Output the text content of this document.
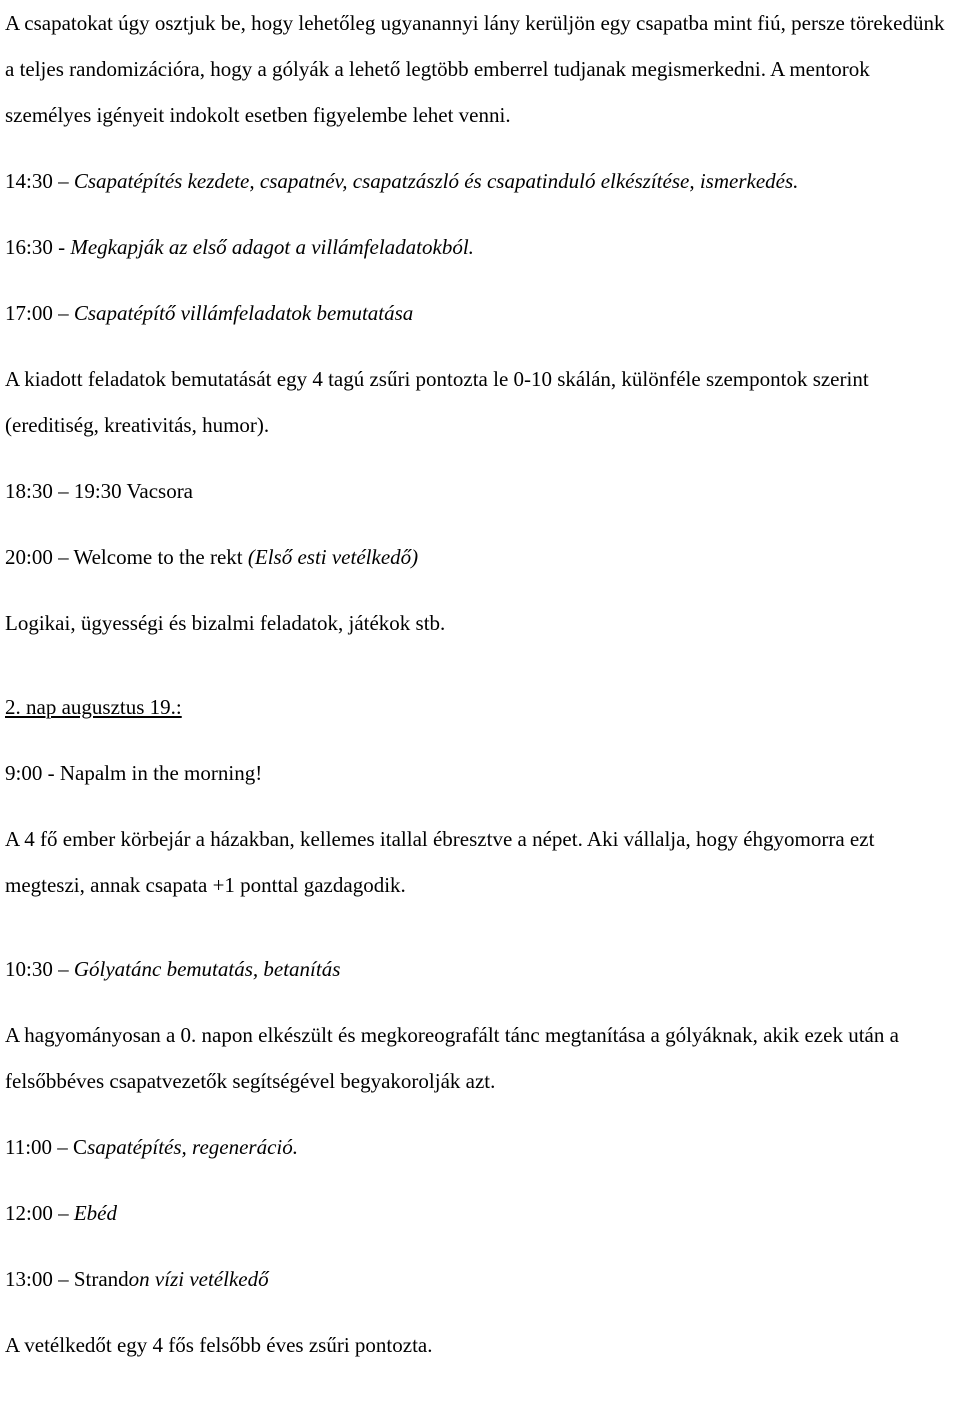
A csapatokat úgy osztjuk be, hogy lehetőleg ugyanannyi lány kerüljön egy csapatba mint fiú, persze törekedünk a teljes randomizációra, hogy a gólyák a lehető legtöbb emberrel tudjanak megismerkedni. A mentorok személyes igényeit indokolt esetben figyelembe lehet venni.

14:30 – Csapatépítés kezdete, csapatnév, csapatzászló és csapatinduló elkészítése, ismerkedés.

16:30 - Megkapják az első adagot a villámfeladatokból.

17:00 – Csapatépítő villámfeladatok bemutatása

A kiadott feladatok bemutatását egy 4 tagú zsűri pontozta le 0-10 skálán, különféle szempontok szerint (ereditiség, kreativitás, humor).

18:30 – 19:30 Vacsora

20:00 – Welcome to the rekt (Első esti vetélkedő)

Logikai, ügyességi és bizalmi feladatok, játékok stb.

2. nap augusztus 19.:

9:00 - Napalm in the morning!

A 4 fő ember körbejár a házakban, kellemes itallal ébresztve a népet. Aki vállalja, hogy éhgyomorra ezt megteszi, annak csapata +1 ponttal gazdagodik.

10:30 – Gólyatánc bemutatás, betanítás

A hagyományosan a 0. napon elkészült és megkoreografált tánc megtanítása a gólyáknak, akik ezek után a felsőbbéves csapatvezetők segítségével begyakorolják azt.

11:00 – Csapatépítés, regeneráció.

12:00 – Ebéd

13:00 – Strandon vízi vetélkedő

A vetélkedőt egy 4 fős felsőbb éves zsűri pontozta.
